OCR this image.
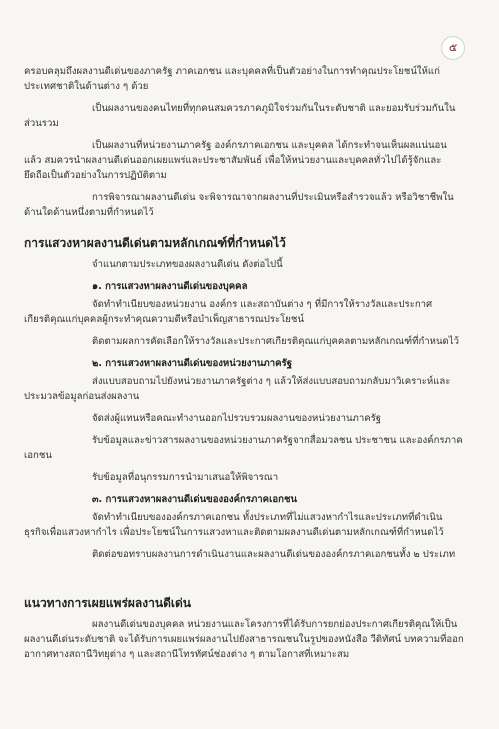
๕

ครอบคลุมถึงผลงานดีเด่นของภาครัฐ ภาคเอกชน และบุคคลที่เป็นตัวอย่างในการทำคุณประโยชน์ให้แก่ประเทศชาติในด้านต่าง ๆ ด้วย

เป็นผลงานของคนไทยที่ทุกคนสมควรภาคภูมิใจร่วมกันในระดับชาติ และยอมรับร่วมกันในส่วนรวม

เป็นผลงานที่หน่วยงานภาครัฐ องค์กรภาคเอกชน และบุคคล ได้กระทำจนเห็นผลแน่นอนแล้ว สมควรนำผลงานดีเด่นออกเผยแพร่และประชาสัมพันธ์ เพื่อให้หน่วยงานและบุคคลทั่วไปได้รู้จักและยึดถือเป็นตัวอย่างในการปฏิบัติตาม

การพิจารณาผลงานดีเด่น จะพิจารณาจากผลงานที่ประเมินหรือสำรวจแล้ว หรือวิชาชีพในด้านใดด้านหนึ่งตามที่กำหนดไว้

การแสวงหาผลงานดีเด่นตามหลักเกณฑ์ที่กำหนดไว้

จำแนกตามประเภทของผลงานดีเด่น ดังต่อไปนี้

๑. การแสวงหาผลงานดีเด่นของบุคคล

จัดทำทำเนียบของหน่วยงาน องค์กร และสถาบันต่าง ๆ ที่มีการให้รางวัลและประกาศเกียรติคุณแก่บุคคลผู้กระทำคุณความดีหรือบำเพ็ญสาธารณประโยชน์

ติดตามผลการคัดเลือกให้รางวัลและประกาศเกียรติคุณแก่บุคคลตามหลักเกณฑ์ที่กำหนดไว้

๒. การแสวงหาผลงานดีเด่นของหน่วยงานภาครัฐ

ส่งแบบสอบถามไปยังหน่วยงานภาครัฐต่าง ๆ แล้วให้ส่งแบบสอบถามกลับมาวิเคราะห์และประมวลข้อมูลก่อนส่งผลงาน

จัดส่งผู้แทนหรือคณะทำงานออกไปรวบรวมผลงานของหน่วยงานภาครัฐ

รับข้อมูลและข่าวสารผลงานของหน่วยงานภาครัฐจากสื่อมวลชน ประชาชน และองค์กรภาคเอกชน

รับข้อมูลที่อนุกรรมการนำมาเสนอให้พิจารณา

๓. การแสวงหาผลงานดีเด่นขององค์กรภาคเอกชน

จัดทำทำเนียบขององค์กรภาคเอกชน ทั้งประเภทที่ไม่แสวงหากำไรและประเภทที่ดำเนินธุรกิจเพื่อแสวงหากำไร เพื่อประโยชน์ในการแสวงหาและติดตามผลงานดีเด่นตามหลักเกณฑ์ที่กำหนดไว้

ติดต่อขอทราบผลงานการดำเนินงานและผลงานดีเด่นขององค์กรภาคเอกชนทั้ง ๒ ประเภท

แนวทางการเผยแพร่ผลงานดีเด่น

ผลงานดีเด่นของบุคคล หน่วยงานและโครงการที่ได้รับการยกย่องประกาศเกียรติคุณให้เป็นผลงานดีเด่นระดับชาติ จะได้รับการเผยแพร่ผลงานไปยังสาธารณชนในรูปของหนังสือ วีดิทัศน์ บทความที่ออกอากาศทางสถานีวิทยุต่าง ๆ และสถานีโทรทัศน์ช่องต่าง ๆ ตามโอกาสที่เหมาะสม
